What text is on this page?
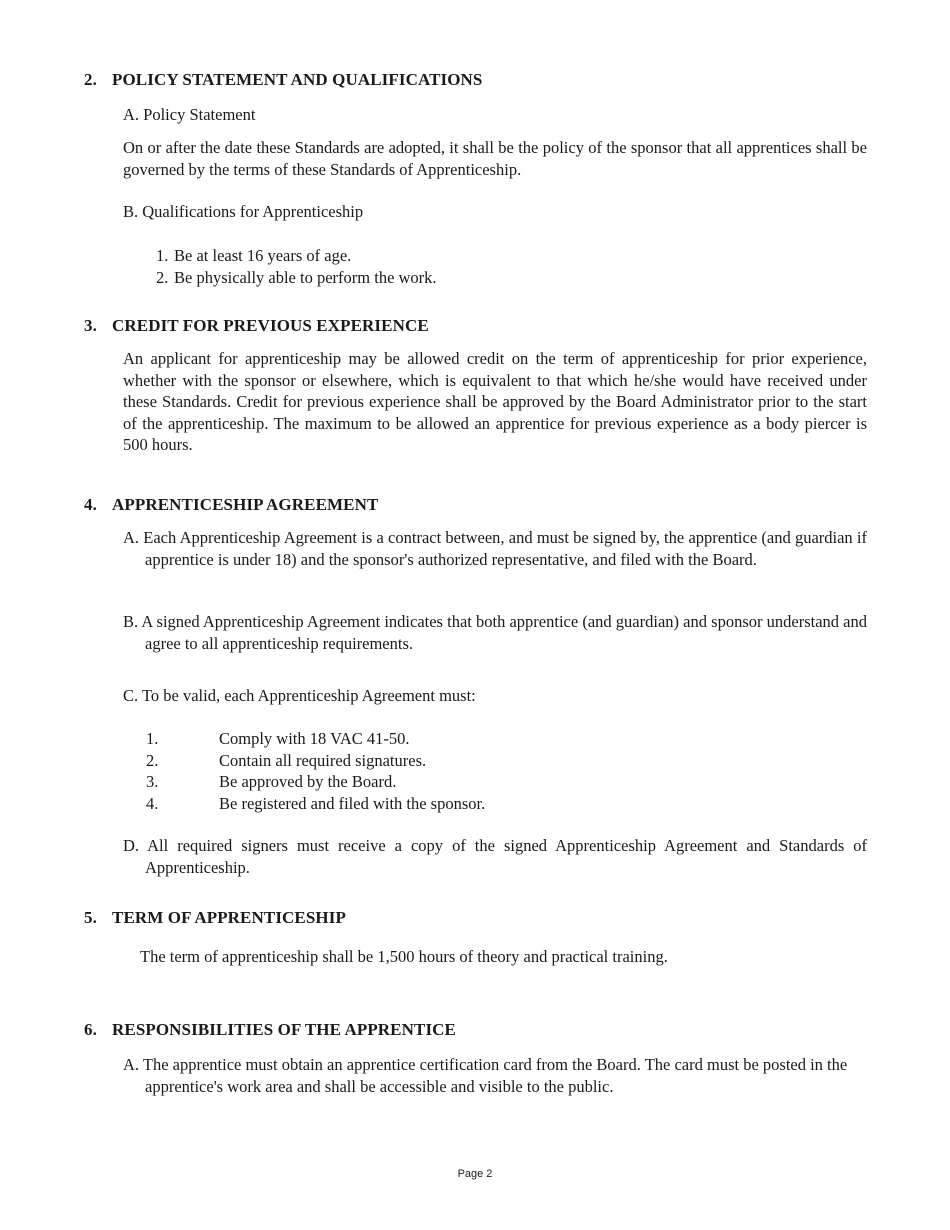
2. POLICY STATEMENT AND QUALIFICATIONS
A. Policy Statement
On or after the date these Standards are adopted, it shall be the policy of the sponsor that all apprentices shall be governed by the terms of these Standards of Apprenticeship.
B. Qualifications for Apprenticeship
1. Be at least 16 years of age.
2. Be physically able to perform the work.
3. CREDIT FOR PREVIOUS EXPERIENCE
An applicant for apprenticeship may be allowed credit on the term of apprenticeship for prior experience, whether with the sponsor or elsewhere, which is equivalent to that which he/she would have received under these Standards. Credit for previous experience shall be approved by the Board Administrator prior to the start of the apprenticeship. The maximum to be allowed an apprentice for previous experience as a body piercer is 500 hours.
4. APPRENTICESHIP AGREEMENT
A. Each Apprenticeship Agreement is a contract between, and must be signed by, the apprentice (and guardian if apprentice is under 18) and the sponsor's authorized representative, and filed with the Board.
B. A signed Apprenticeship Agreement indicates that both apprentice (and guardian) and sponsor understand and agree to all apprenticeship requirements.
C. To be valid, each Apprenticeship Agreement must:
1.	Comply with 18 VAC 41-50.
2.	Contain all required signatures.
3.	Be approved by the Board.
4.	Be registered and filed with the sponsor.
D. All required signers must receive a copy of the signed Apprenticeship Agreement and Standards of Apprenticeship.
5. TERM OF APPRENTICESHIP
The term of apprenticeship shall be 1,500 hours of theory and practical training.
6. RESPONSIBILITIES OF THE APPRENTICE
A. The apprentice must obtain an apprentice certification card from the Board. The card must be posted in the apprentice's work area and shall be accessible and visible to the public.
Page 2
